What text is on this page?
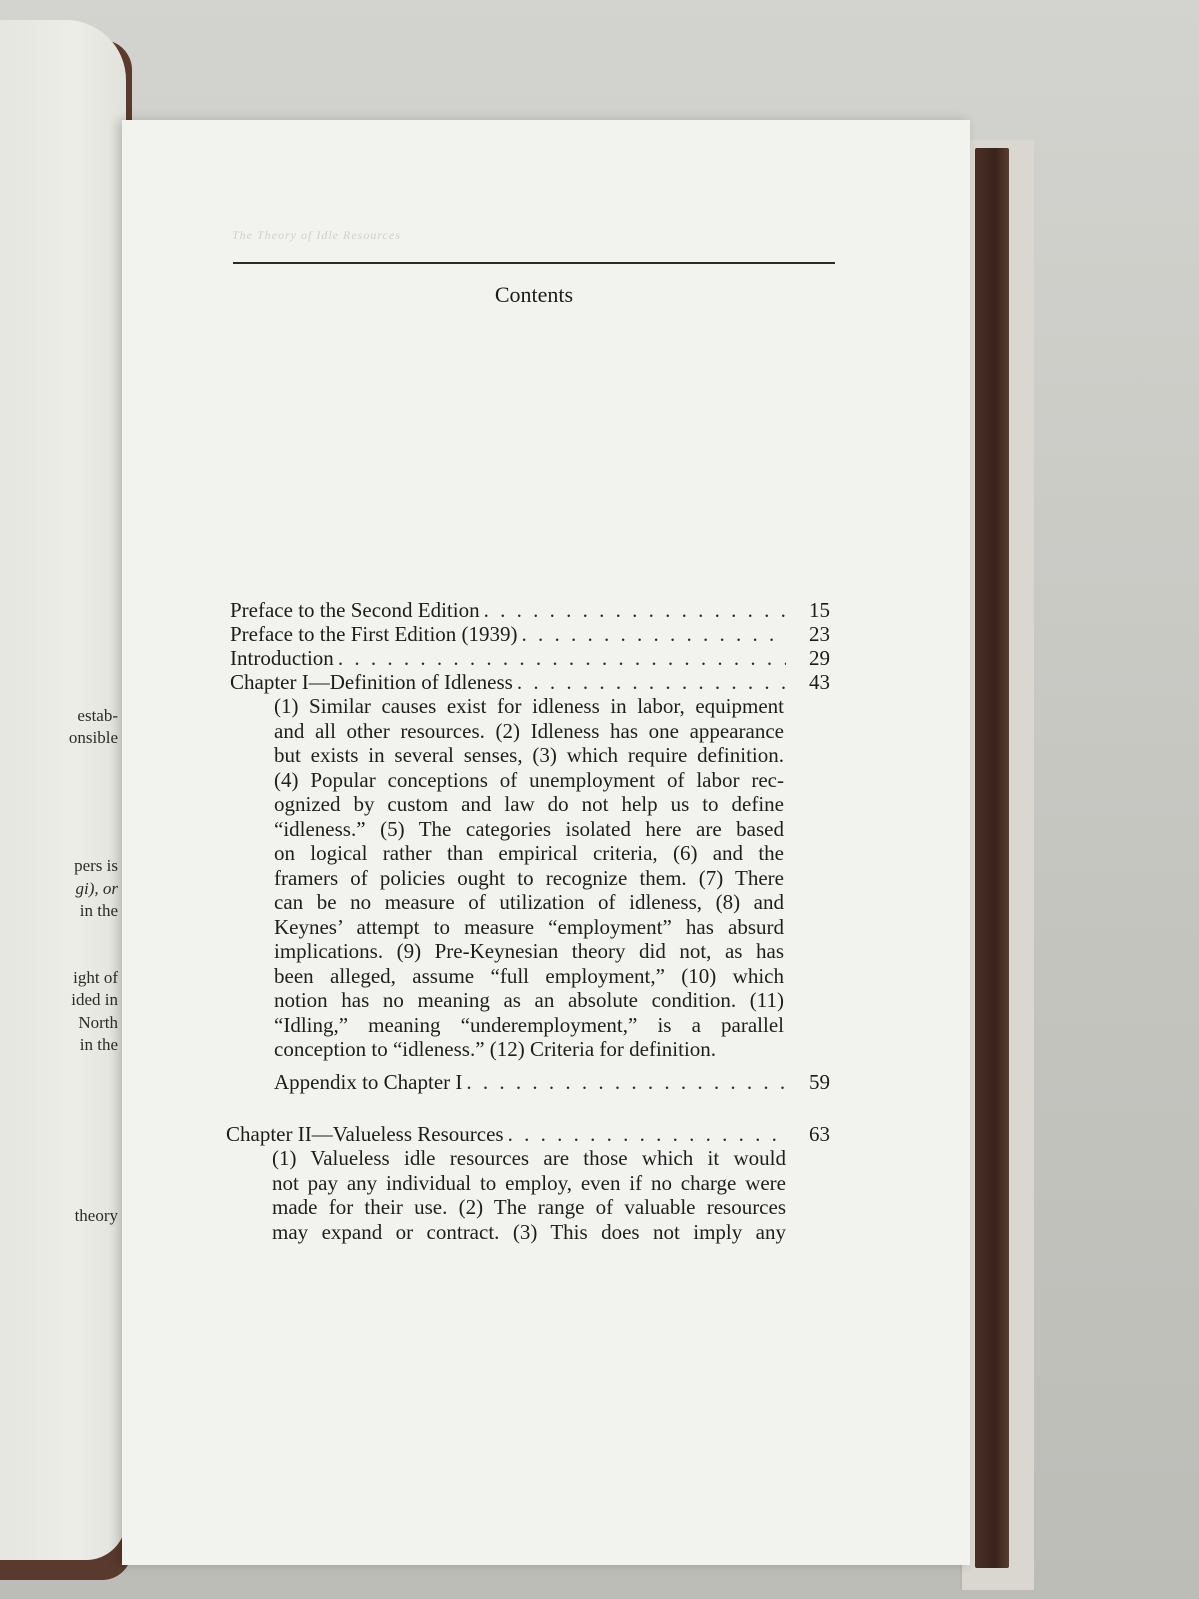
estab-
onsible
pers is
gi), or
in the
ight of
ided in
North
in the
theory
The Theory of Idle Resources
Contents
Preface to the Second Edition . . .	15
Preface to the First Edition (1939) . . .	23
Introduction . . .	29
Chapter I—Definition of Idleness . . .	43
Appendix to Chapter I . . .	59
Chapter II—Valueless Resources . . .	63
(1) Similar causes exist for idleness in labor, equipment
and all other resources. (2) Idleness has one appearance
but exists in several senses, (3) which require definition.
(4) Popular conceptions of unemployment of labor rec-
ognized by custom and law do not help us to define
“idleness.” (5) The categories isolated here are based
on logical rather than empirical criteria, (6) and the
framers of policies ought to recognize them. (7) There
can be no measure of utilization of idleness, (8) and
Keynes’ attempt to measure “employment” has absurd
implications. (9) Pre-Keynesian theory did not, as has
been alleged, assume “full employment,” (10) which
notion has no meaning as an absolute condition. (11)
“Idling,” meaning “underemployment,” is a parallel
conception to “idleness.” (12) Criteria for definition.
(1) Valueless idle resources are those which it would
not pay any individual to employ, even if no charge were
made for their use. (2) The range of valuable resources
may expand or contract. (3) This does not imply any
